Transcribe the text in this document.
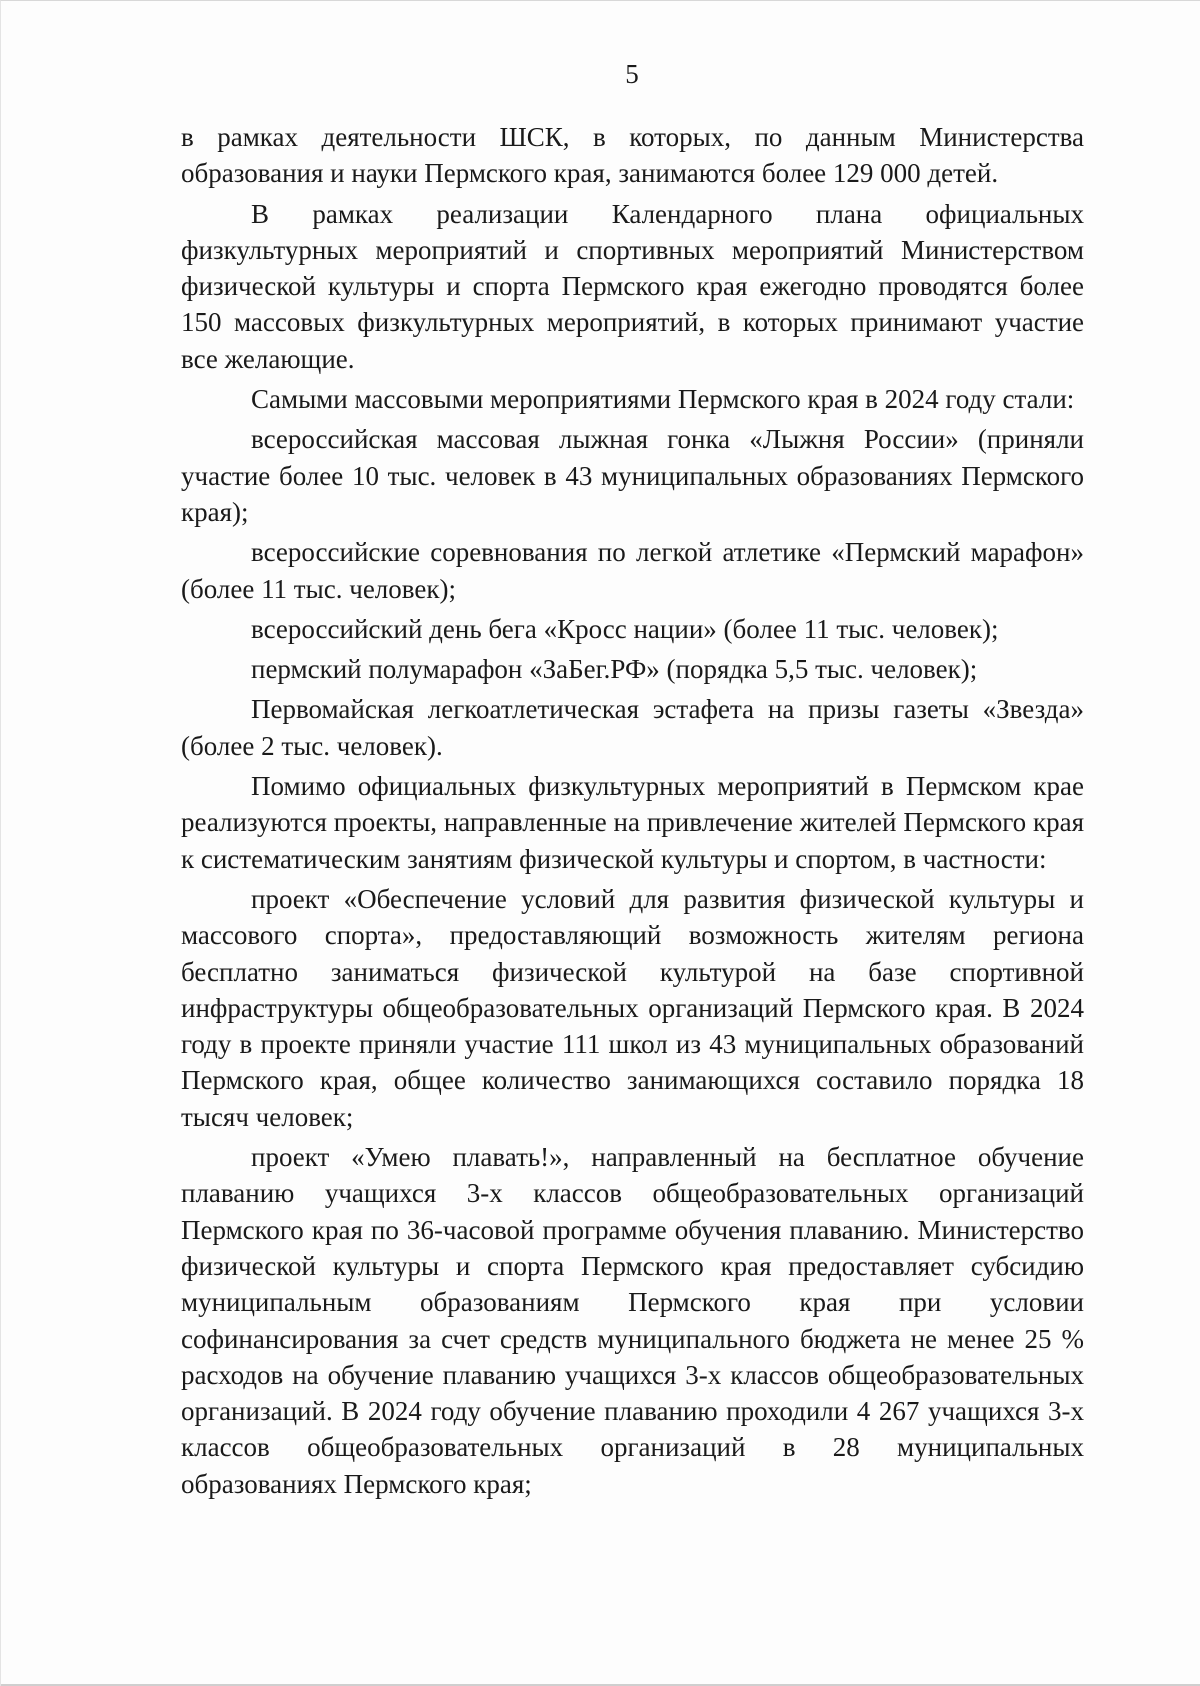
5

в рамках деятельности ШСК, в которых, по данным Министерства образования и науки Пермского края, занимаются более 129 000 детей.

В рамках реализации Календарного плана официальных физкультурных мероприятий и спортивных мероприятий Министерством физической культуры и спорта Пермского края ежегодно проводятся более 150 массовых физкультурных мероприятий, в которых принимают участие все желающие.

Самыми массовыми мероприятиями Пермского края в 2024 году стали:

всероссийская массовая лыжная гонка «Лыжня России» (приняли участие более 10 тыс. человек в 43 муниципальных образованиях Пермского края);

всероссийские соревнования по легкой атлетике «Пермский марафон» (более 11 тыс. человек);

всероссийский день бега «Кросс нации» (более 11 тыс. человек);

пермский полумарафон «ЗаБег.РФ» (порядка 5,5 тыс. человек);

Первомайская легкоатлетическая эстафета на призы газеты «Звезда» (более 2 тыс. человек).

Помимо официальных физкультурных мероприятий в Пермском крае реализуются проекты, направленные на привлечение жителей Пермского края к систематическим занятиям физической культуры и спортом, в частности:

проект «Обеспечение условий для развития физической культуры и массового спорта», предоставляющий возможность жителям региона бесплатно заниматься физической культурой на базе спортивной инфраструктуры общеобразовательных организаций Пермского края. В 2024 году в проекте приняли участие 111 школ из 43 муниципальных образований Пермского края, общее количество занимающихся составило порядка 18 тысяч человек;

проект «Умею плавать!», направленный на бесплатное обучение плаванию учащихся 3-х классов общеобразовательных организаций Пермского края по 36-часовой программе обучения плаванию. Министерство физической культуры и спорта Пермского края предоставляет субсидию муниципальным образованиям Пермского края при условии софинансирования за счет средств муниципального бюджета не менее 25 % расходов на обучение плаванию учащихся 3-х классов общеобразовательных организаций. В 2024 году обучение плаванию проходили 4 267 учащихся 3-х классов общеобразовательных организаций в 28 муниципальных образованиях Пермского края;
